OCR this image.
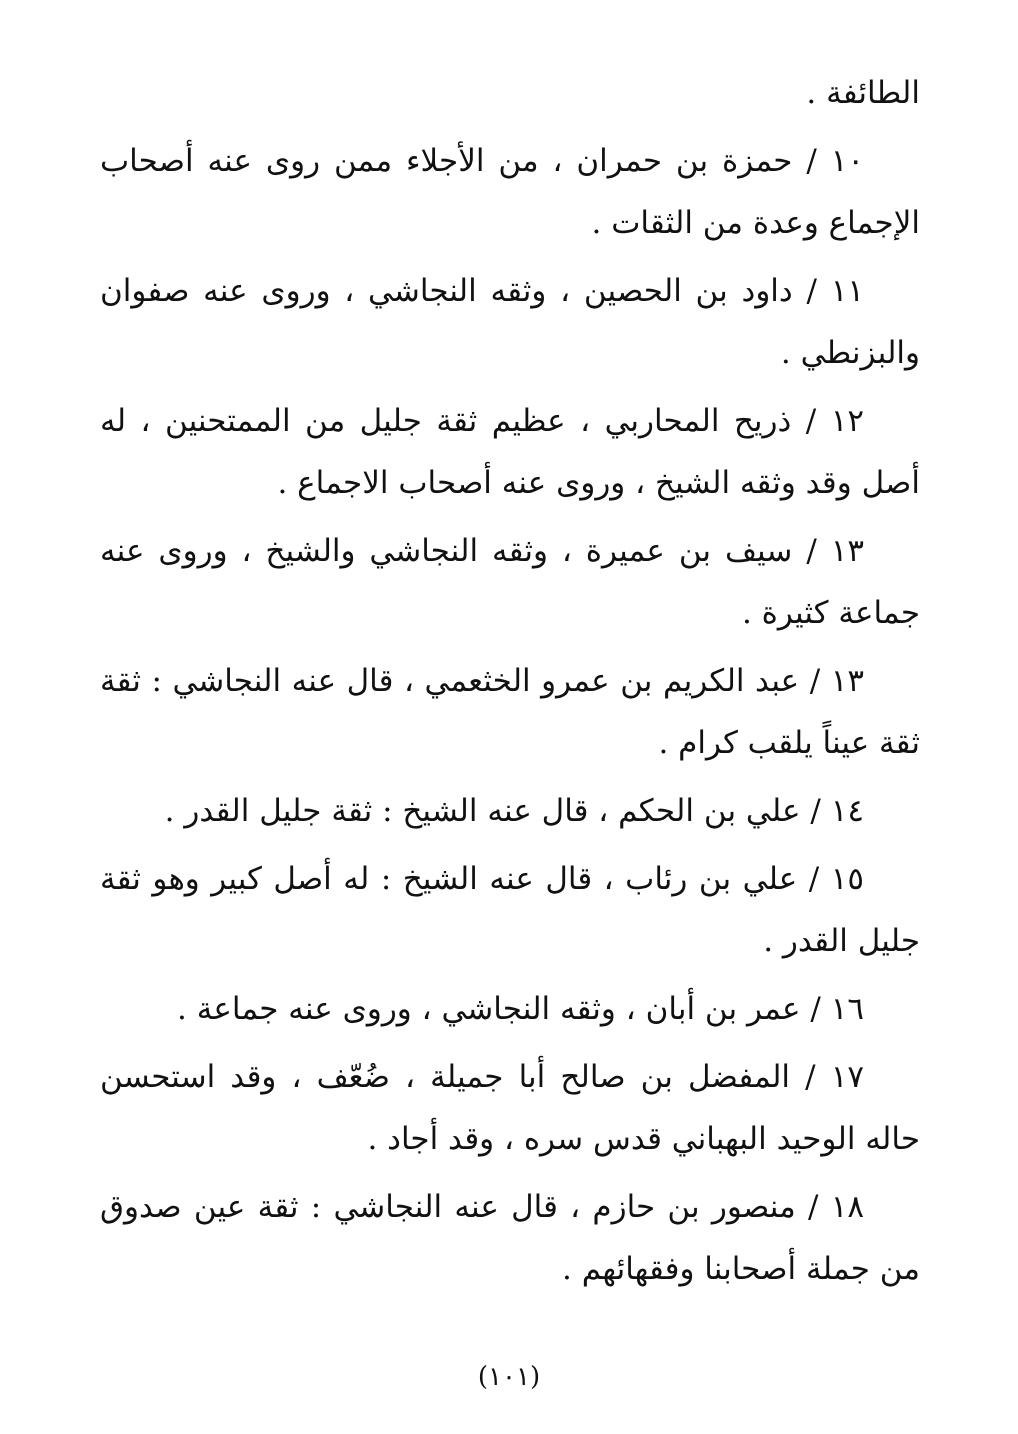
الطائفة .

١٠ / حمزة بن حمران ، من الأجلاء ممن روى عنه أصحاب الإجماع وعدة من الثقات .

١١ / داود بن الحصين ، وثقه النجاشي ، وروى عنه صفوان والبزنطي .

١٢ / ذريح المحاربي ، عظيم ثقة جليل من الممتحنين ، له أصل وقد وثقه الشيخ ، وروى عنه أصحاب الاجماع .

١٣ / سيف بن عميرة ، وثقه النجاشي والشيخ ، وروى عنه جماعة كثيرة .

١٣ / عبد الكريم بن عمرو الخثعمي ، قال عنه النجاشي : ثقة ثقة عيناً يلقب كرام .

١٤ / علي بن الحكم ، قال عنه الشيخ : ثقة جليل القدر .

١٥ / علي بن رئاب ، قال عنه الشيخ : له أصل كبير وهو ثقة جليل القدر .

١٦ / عمر بن أبان ، وثقه النجاشي ، وروى عنه جماعة .

١٧ / المفضل بن صالح أبا جميلة ، ضُعّف ، وقد استحسن حاله الوحيد البهباني قدس سره ، وقد أجاد .

١٨ / منصور بن حازم ، قال عنه النجاشي : ثقة عين صدوق من جملة أصحابنا وفقهائهم .

(١٠١)
